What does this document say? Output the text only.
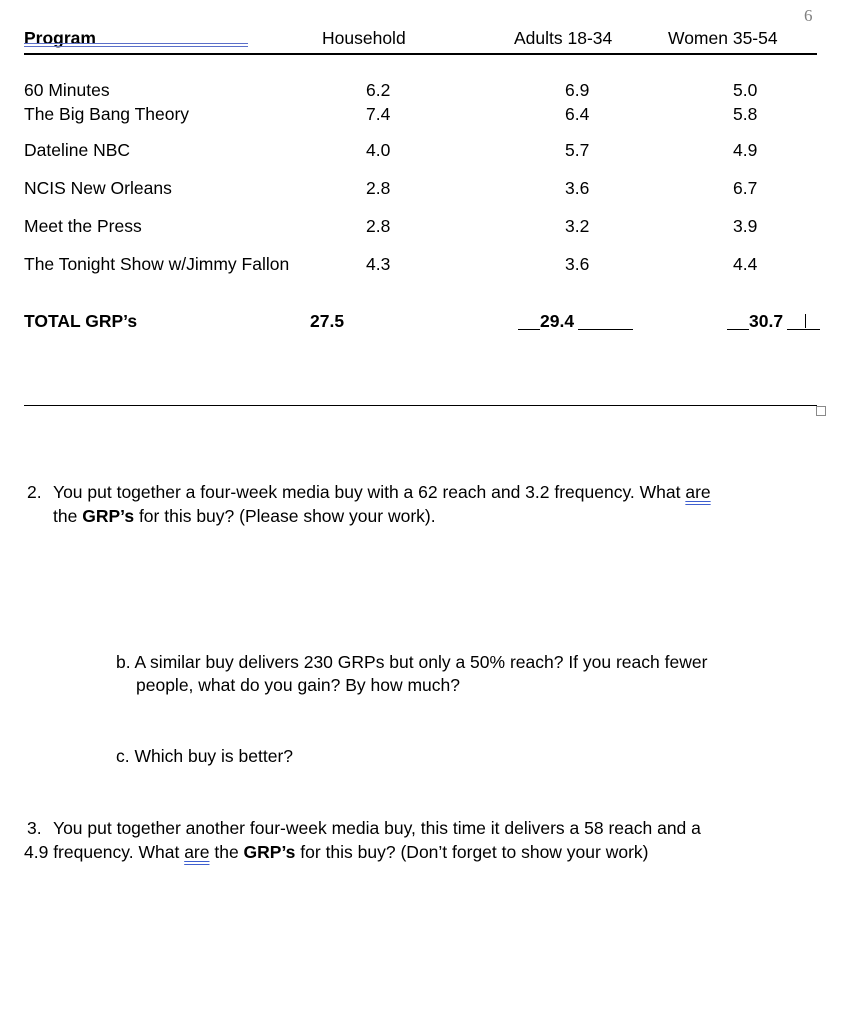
6
Program	Household	Adults 18-34	Women 35-54
60 Minutes	6.2	6.9	5.0
The Big Bang Theory	7.4	6.4	5.8
Dateline NBC	4.0	5.7	4.9
NCIS New Orleans	2.8	3.6	6.7
Meet the Press	2.8	3.2	3.9
The Tonight Show w/Jimmy Fallon	4.3	3.6	4.4
TOTAL GRP’s	27.5	29.4	30.7
2. You put together a four-week media buy with a 62 reach and 3.2 frequency. What are
the GRP’s for this buy? (Please show your work).
b. A similar buy delivers 230 GRPs but only a 50% reach? If you reach fewer
people, what do you gain? By how much?
c. Which buy is better?
3. You put together another four-week media buy, this time it delivers a 58 reach and a
4.9 frequency. What are the GRP’s for this buy? (Don’t forget to show your work)
